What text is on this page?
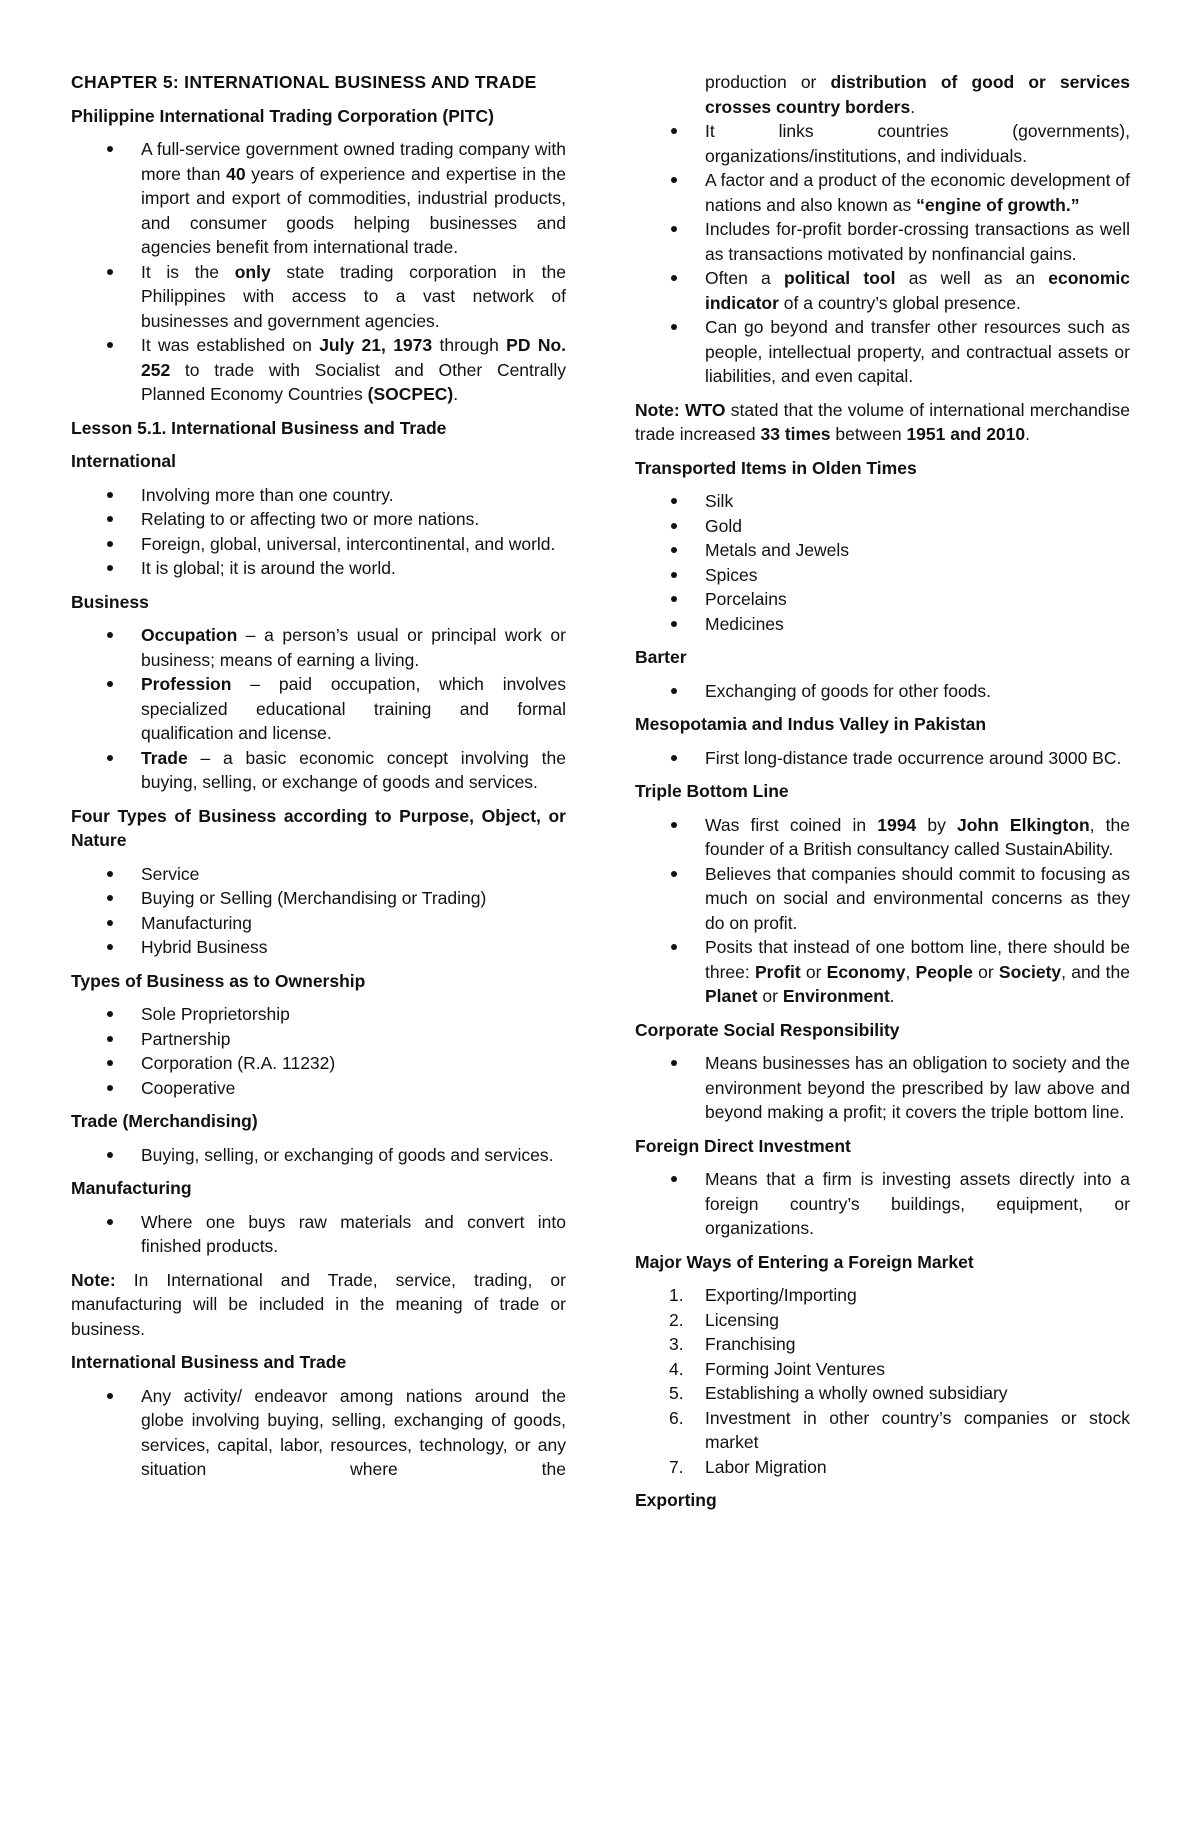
CHAPTER 5: INTERNATIONAL BUSINESS AND TRADE
Philippine International Trading Corporation (PITC)
A full-service government owned trading company with more than 40 years of experience and expertise in the import and export of commodities, industrial products, and consumer goods helping businesses and agencies benefit from international trade.
It is the only state trading corporation in the Philippines with access to a vast network of businesses and government agencies.
It was established on July 21, 1973 through PD No. 252 to trade with Socialist and Other Centrally Planned Economy Countries (SOCPEC).
Lesson 5.1. International Business and Trade
International
Involving more than one country.
Relating to or affecting two or more nations.
Foreign, global, universal, intercontinental, and world.
It is global; it is around the world.
Business
Occupation – a person’s usual or principal work or business; means of earning a living.
Profession – paid occupation, which involves specialized educational training and formal qualification and license.
Trade – a basic economic concept involving the buying, selling, or exchange of goods and services.
Four Types of Business according to Purpose, Object, or Nature
Service
Buying or Selling (Merchandising or Trading)
Manufacturing
Hybrid Business
Types of Business as to Ownership
Sole Proprietorship
Partnership
Corporation (R.A. 11232)
Cooperative
Trade (Merchandising)
Buying, selling, or exchanging of goods and services.
Manufacturing
Where one buys raw materials and convert into finished products.
Note: In International and Trade, service, trading, or manufacturing will be included in the meaning of trade or business.
International Business and Trade
Any activity/ endeavor among nations around the globe involving buying, selling, exchanging of goods, services, capital, labor, resources, technology, or any situation where the
production or distribution of good or services crosses country borders.
It links countries (governments), organizations/institutions, and individuals.
A factor and a product of the economic development of nations and also known as “engine of growth.”
Includes for-profit border-crossing transactions as well as transactions motivated by nonfinancial gains.
Often a political tool as well as an economic indicator of a country’s global presence.
Can go beyond and transfer other resources such as people, intellectual property, and contractual assets or liabilities, and even capital.
Note: WTO stated that the volume of international merchandise trade increased 33 times between 1951 and 2010.
Transported Items in Olden Times
Silk
Gold
Metals and Jewels
Spices
Porcelains
Medicines
Barter
Exchanging of goods for other foods.
Mesopotamia and Indus Valley in Pakistan
First long-distance trade occurrence around 3000 BC.
Triple Bottom Line
Was first coined in 1994 by John Elkington, the founder of a British consultancy called SustainAbility.
Believes that companies should commit to focusing as much on social and environmental concerns as they do on profit.
Posits that instead of one bottom line, there should be three: Profit or Economy, People or Society, and the Planet or Environment.
Corporate Social Responsibility
Means businesses has an obligation to society and the environment beyond the prescribed by law above and beyond making a profit; it covers the triple bottom line.
Foreign Direct Investment
Means that a firm is investing assets directly into a foreign country’s buildings, equipment, or organizations.
Major Ways of Entering a Foreign Market
1. Exporting/Importing
2. Licensing
3. Franchising
4. Forming Joint Ventures
5. Establishing a wholly owned subsidiary
6. Investment in other country’s companies or stock market
7. Labor Migration
Exporting
